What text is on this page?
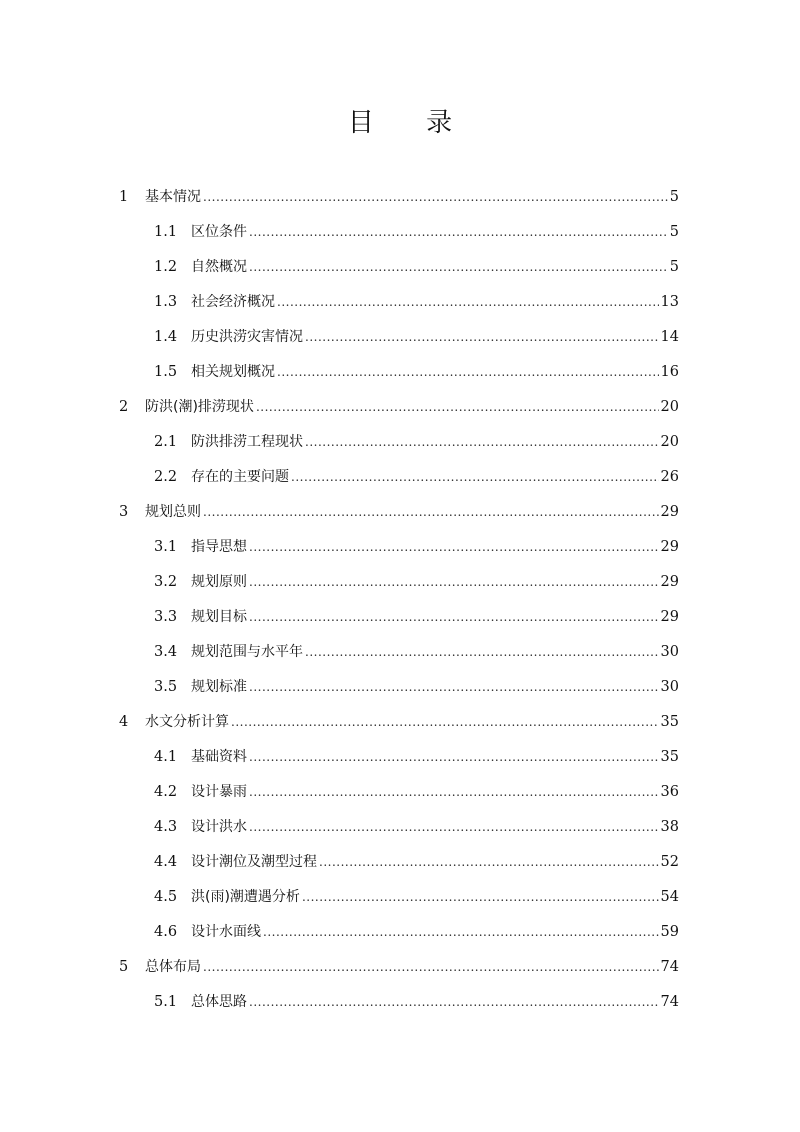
目 录
1	基本情况 .....	5
1.1 区位条件 .....	5
1.2 自然概况 .....	5
1.3 社会经济概况 .....	13
1.4 历史洪涝灾害情况 .....	14
1.5 相关规划概况 .....	16
2	防洪(潮)排涝现状 .....	20
2.1 防洪排涝工程现状 .....	20
2.2 存在的主要问题 .....	26
3	规划总则 .....	29
3.1 指导思想 .....	29
3.2 规划原则 .....	29
3.3 规划目标 .....	29
3.4 规划范围与水平年 .....	30
3.5 规划标准 .....	30
4	水文分析计算 .....	35
4.1 基础资料 .....	35
4.2 设计暴雨 .....	36
4.3 设计洪水 .....	38
4.4 设计潮位及潮型过程 .....	52
4.5 洪(雨)潮遭遇分析 .....	54
4.6 设计水面线 .....	59
5	总体布局 .....	74
5.1 总体思路 .....	74
